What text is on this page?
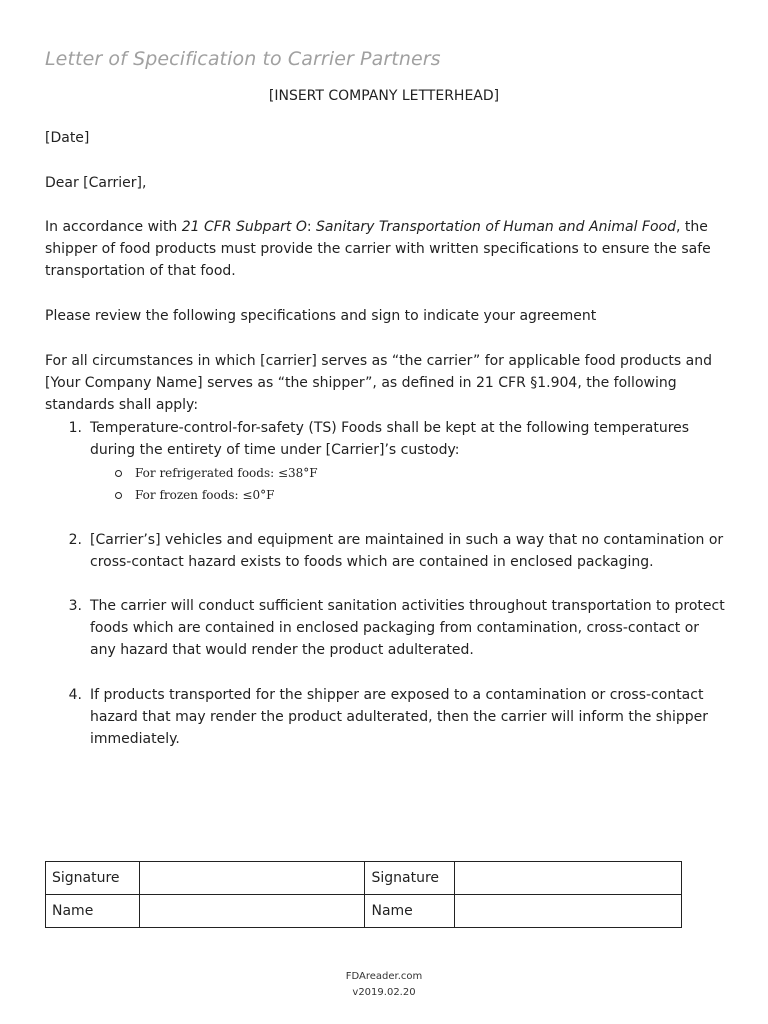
Letter of Specification to Carrier Partners
[INSERT COMPANY LETTERHEAD]
[Date]
Dear [Carrier],
In accordance with 21 CFR Subpart O: Sanitary Transportation of Human and Animal Food, the shipper of food products must provide the carrier with written specifications to ensure the safe transportation of that food.
Please review the following specifications and sign to indicate your agreement
For all circumstances in which [carrier] serves as “the carrier” for applicable food products and [Your Company Name] serves as “the shipper”, as defined in 21 CFR §1.904, the following standards shall apply:
1. Temperature-control-for-safety (TS) Foods shall be kept at the following temperatures during the entirety of time under [Carrier]’s custody:
For refrigerated foods: ≤38°F
For frozen foods: ≤0°F
2. [Carrier’s] vehicles and equipment are maintained in such a way that no contamination or cross-contact hazard exists to foods which are contained in enclosed packaging.
3. The carrier will conduct sufficient sanitation activities throughout transportation to protect foods which are contained in enclosed packaging from contamination, cross-contact or any hazard that would render the product adulterated.
4. If products transported for the shipper are exposed to a contamination or cross-contact hazard that may render the product adulterated, then the carrier will inform the shipper immediately.
Signature		Signature	
Name		Name	
FDAreader.com
v2019.02.20
